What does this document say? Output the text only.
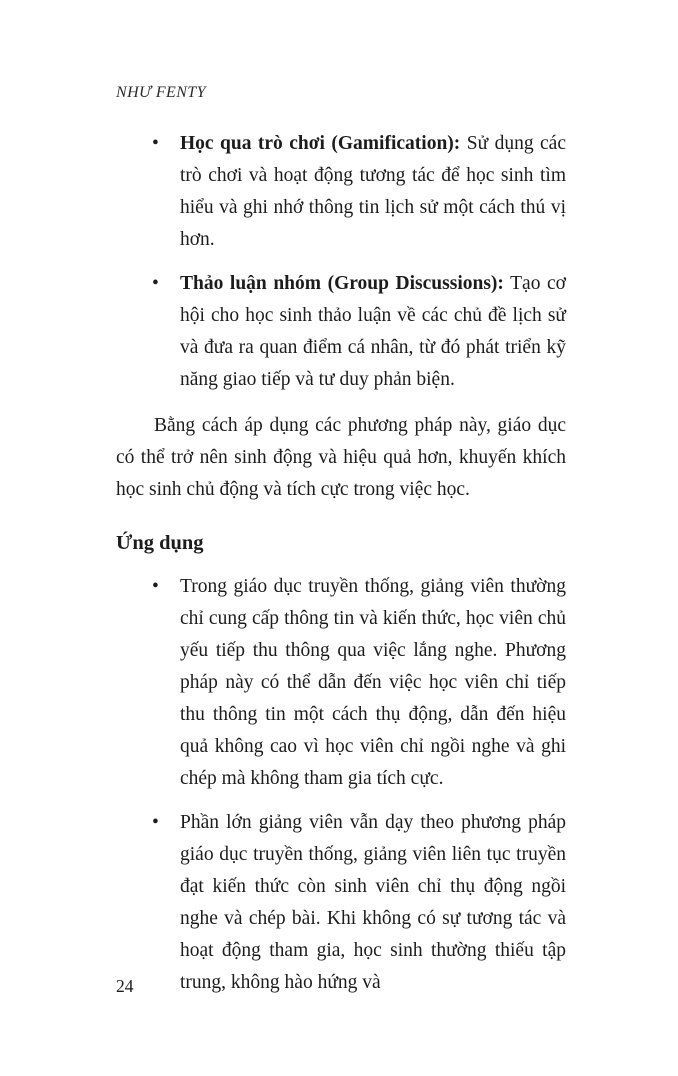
NHƯ FENTY
• Học qua trò chơi (Gamification): Sử dụng các trò chơi và hoạt động tương tác để học sinh tìm hiểu và ghi nhớ thông tin lịch sử một cách thú vị hơn.
• Thảo luận nhóm (Group Discussions): Tạo cơ hội cho học sinh thảo luận về các chủ đề lịch sử và đưa ra quan điểm cá nhân, từ đó phát triển kỹ năng giao tiếp và tư duy phản biện.

Bằng cách áp dụng các phương pháp này, giáo dục có thể trở nên sinh động và hiệu quả hơn, khuyến khích học sinh chủ động và tích cực trong việc học.

Ứng dụng
• Trong giáo dục truyền thống, giảng viên thường chỉ cung cấp thông tin và kiến thức, học viên chủ yếu tiếp thu thông qua việc lắng nghe. Phương pháp này có thể dẫn đến việc học viên chỉ tiếp thu thông tin một cách thụ động, dẫn đến hiệu quả không cao vì học viên chỉ ngồi nghe và ghi chép mà không tham gia tích cực.
• Phần lớn giảng viên vẫn dạy theo phương pháp giáo dục truyền thống, giảng viên liên tục truyền đạt kiến thức còn sinh viên chỉ thụ động ngồi nghe và chép bài. Khi không có sự tương tác và hoạt động tham gia, học sinh thường thiếu tập trung, không hào hứng và
24
